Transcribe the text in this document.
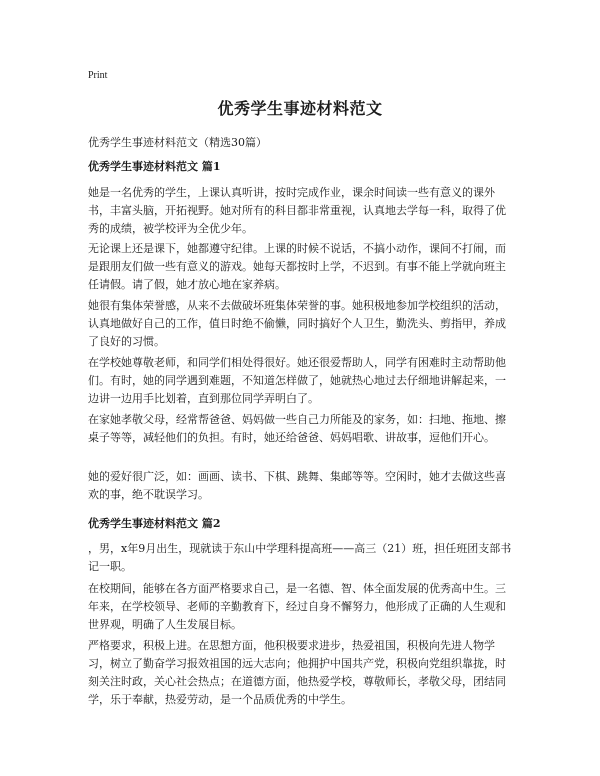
Print
优秀学生事迹材料范文
优秀学生事迹材料范文（精选30篇）
优秀学生事迹材料范文 篇1

她是一名优秀的学生，上课认真听讲，按时完成作业，课余时间读一些有意义的课外书，丰富头脑，开拓视野。她对所有的科目都非常重视，认真地去学每一科，取得了优秀的成绩，被学校评为全优少年。

无论课上还是课下，她都遵守纪律。上课的时候不说话，不搞小动作，课间不打闹，而是跟朋友们做一些有意义的游戏。她每天都按时上学，不迟到。有事不能上学就向班主任请假。请了假，她才放心地在家养病。

她很有集体荣誉感，从来不去做破坏班集体荣誉的事。她积极地参加学校组织的活动，认真地做好自己的工作，值日时绝不偷懒，同时搞好个人卫生，勤洗头、剪指甲，养成了良好的习惯。

在学校她尊敬老师，和同学们相处得很好。她还很爱帮助人，同学有困难时主动帮助他们。有时，她的同学遇到难题，不知道怎样做了，她就热心地过去仔细地讲解起来，一边讲一边用手比划着，直到那位同学弄明白了。

在家她孝敬父母，经常帮爸爸、妈妈做一些自己力所能及的家务，如：扫地、拖地、擦桌子等等，减轻他们的负担。有时，她还给爸爸、妈妈唱歌、讲故事，逗他们开心。

她的爱好很广泛，如：画画、读书、下棋、跳舞、集邮等等。空闲时，她才去做这些喜欢的事，绝不耽误学习。

优秀学生事迹材料范文 篇2

，男，x年9月出生，现就读于东山中学理科提高班——高三（21）班，担任班团支部书记一职。

在校期间，能够在各方面严格要求自己，是一名德、智、体全面发展的优秀高中生。三年来，在学校领导、老师的辛勤教育下，经过自身不懈努力，他形成了正确的人生观和世界观，明确了人生发展目标。

严格要求，积极上进。在思想方面，他积极要求进步，热爱祖国，积极向先进人物学习，树立了勤奋学习报效祖国的远大志向；他拥护中国共产党，积极向党组织靠拢，时刻关注时政，关心社会热点；在道德方面，他热爱学校，尊敬师长，孝敬父母，团结同学，乐于奉献，热爱劳动，是一个品质优秀的中学生。
